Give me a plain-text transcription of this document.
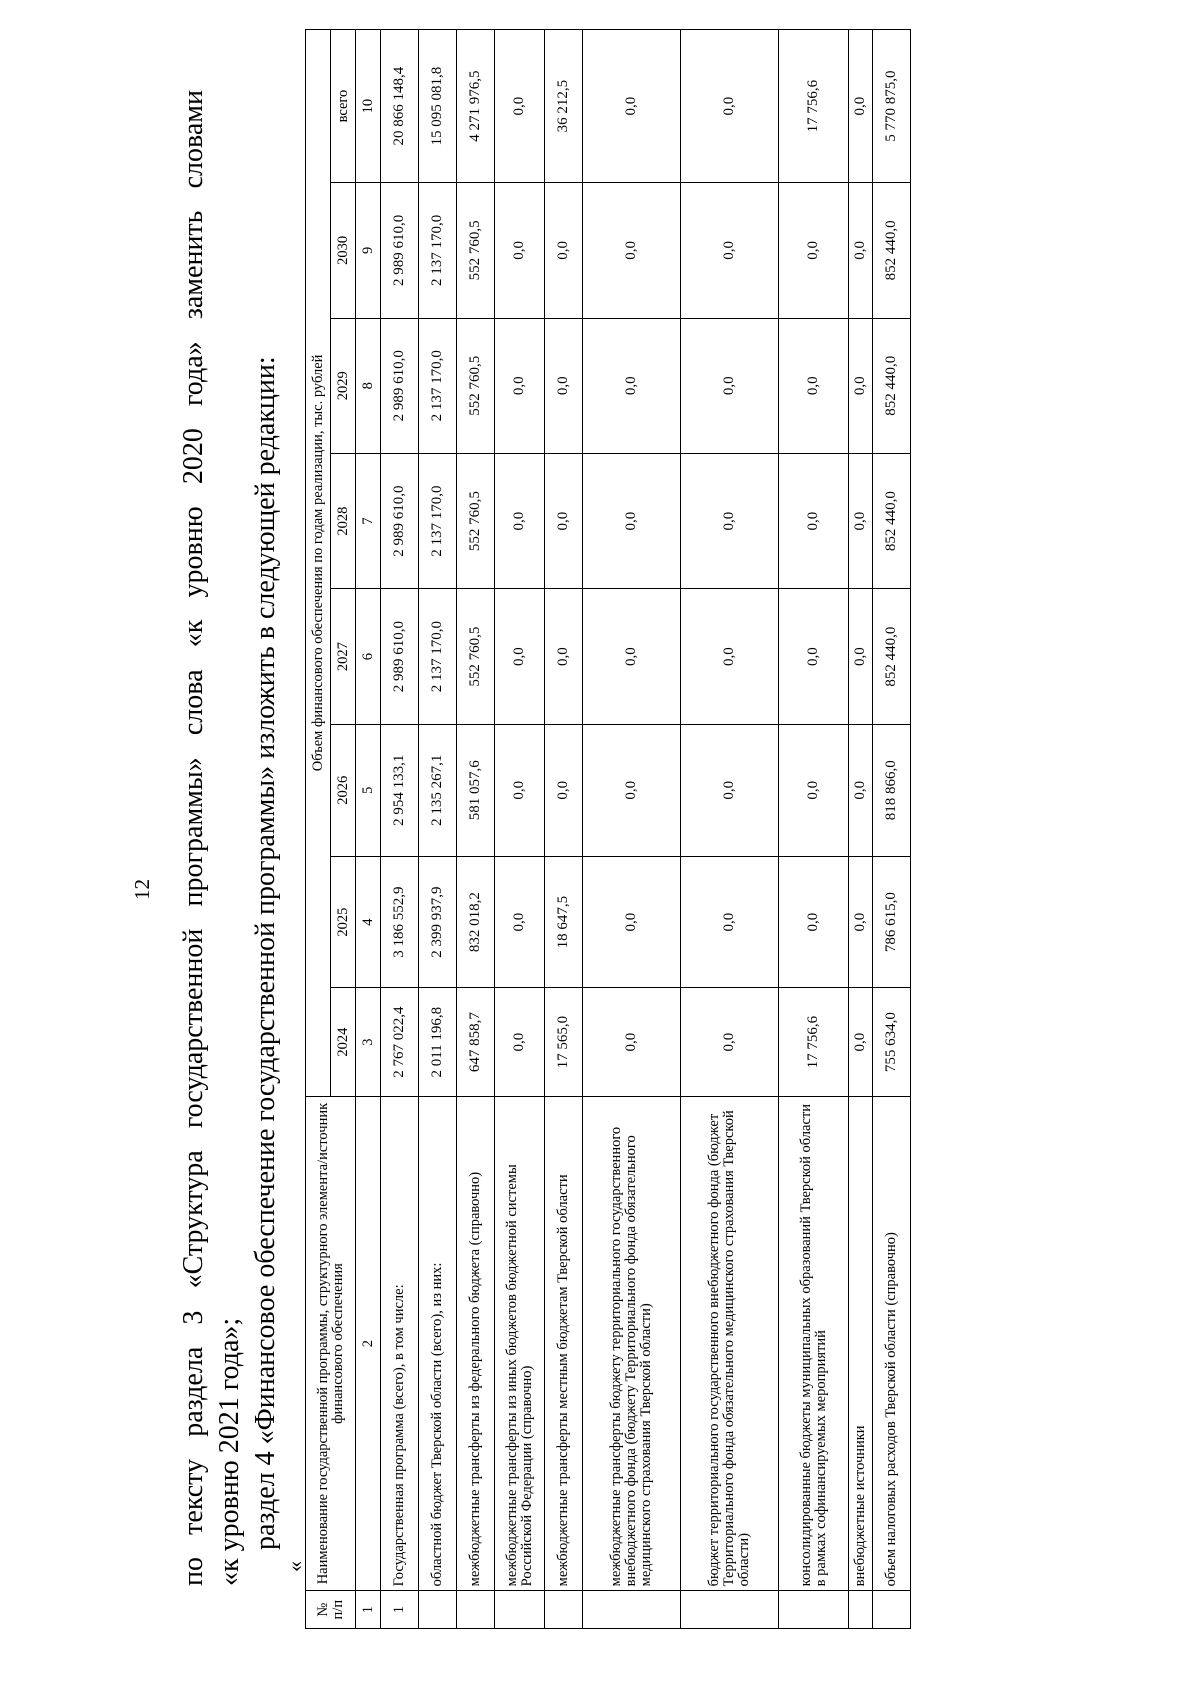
12 по тексту раздела 3 «Структура государственной программы» слова «к уровню 2020 года» заменить словами «к уровню 2021 года»; раздел 4 «Финансовое обеспечение государственной программы» изложить в следующей редакции:
«
№ п/п	Наименование государственной программы, структурного элемента/источник финансового обеспечения	Объем финансового обеспечения по годам реализации, тыс. рублей							
		2024	2025	2026	2027	2028	2029	2030	всего
1	2	3	4	5	6	7	8	9	10
1	Государственная программа (всего), в том числе:	2 767 022,4	3 186 552,9	2 954 133,1	2 989 610,0	2 989 610,0	2 989 610,0	2 989 610,0	20 866 148,4
	областной бюджет Тверской области (всего), из них:	2 011 196,8	2 399 937,9	2 135 267,1	2 137 170,0	2 137 170,0	2 137 170,0	2 137 170,0	15 095 081,8
	межбюджетные трансферты из федерального бюджета (справочно)	647 858,7	832 018,2	581 057,6	552 760,5	552 760,5	552 760,5	552 760,5	4 271 976,5
	межбюджетные трансферты из иных бюджетов бюджетной системы Российской Федерации (справочно)	0,0	0,0	0,0	0,0	0,0	0,0	0,0	0,0
	межбюджетные трансферты местным бюджетам Тверской области	17 565,0	18 647,5	0,0	0,0	0,0	0,0	0,0	36 212,5
	межбюджетные трансферты бюджету территориального государственного внебюджетного фонда (бюджету Территориального фонда обязательного медицинского страхования Тверской области)	0,0	0,0	0,0	0,0	0,0	0,0	0,0	0,0
	бюджет территориального государственного внебюджетного фонда (бюджет Территориального фонда обязательного медицинского страхования Тверской области)	0,0	0,0	0,0	0,0	0,0	0,0	0,0	0,0
	консолидированные бюджеты муниципальных образований Тверской области в рамках софинансируемых мероприятий	17 756,6	0,0	0,0	0,0	0,0	0,0	0,0	17 756,6
	внебюджетные источники	0,0	0,0	0,0	0,0	0,0	0,0	0,0	0,0
	объем налоговых расходов Тверской области (справочно)	755 634,0	786 615,0	818 866,0	852 440,0	852 440,0	852 440,0	852 440,0	5 770 875,0
